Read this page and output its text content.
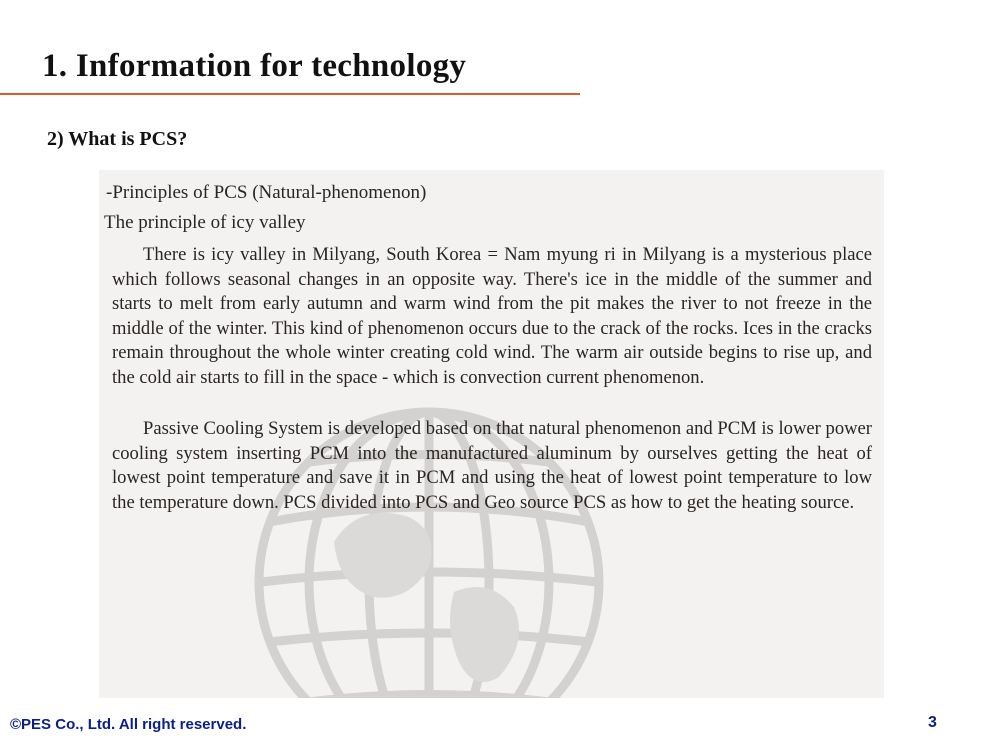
1. Information for technology
2) What is PCS?
-Principles of PCS (Natural-phenomenon)
The principle of icy valley

There is icy valley in Milyang, South Korea = Nam myung ri in Milyang is a mysterious place which follows seasonal changes in an opposite way. There's ice in the middle of the summer and starts to melt from early autumn and warm wind from the pit makes the river to not freeze in the middle of the winter. This kind of phenomenon occurs due to the crack of the rocks. Ices in the cracks remain throughout the whole winter creating cold wind. The warm air outside begins to rise up, and the cold air starts to fill in the space - which is convection current phenomenon.

Passive Cooling System is developed based on that natural phenomenon and PCM is lower power cooling system inserting PCM into the manufactured aluminum by ourselves getting the heat of lowest point temperature and save it in PCM and using the heat of lowest point temperature to low the temperature down. PCS divided into PCS and Geo source PCS as how to get the heating source.

©PES Co., Ltd. All right reserved.	3
